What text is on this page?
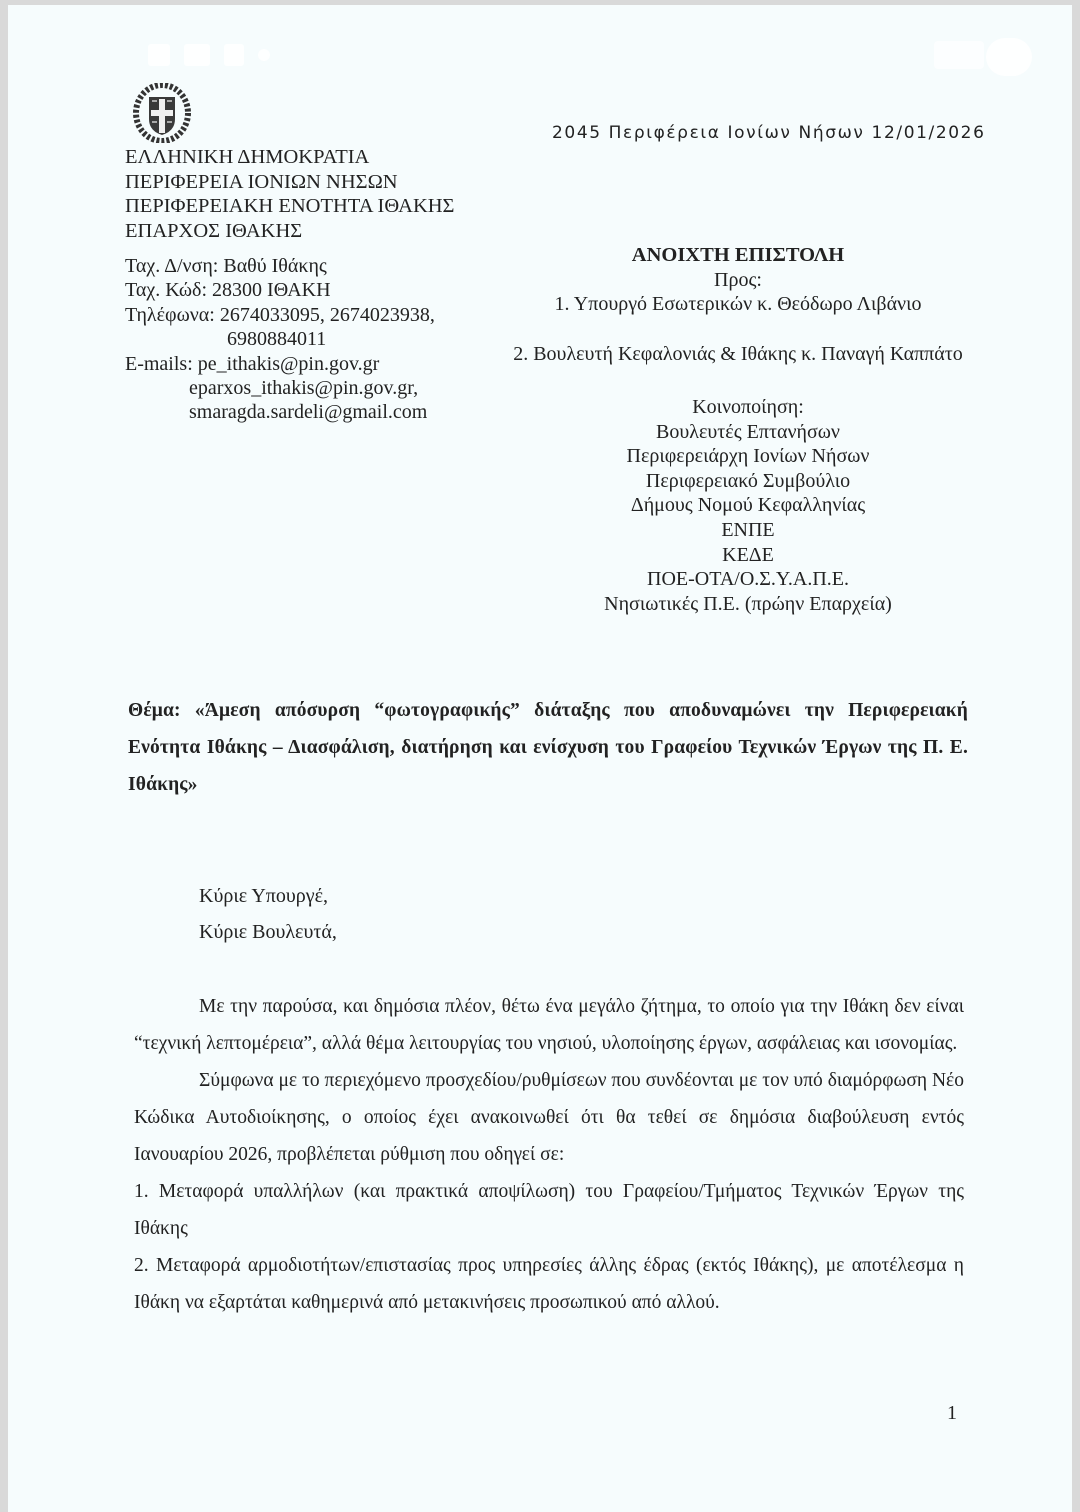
2045 Περιφέρεια Ιονίων Νήσων 12/01/2026
ΕΛΛΗΝΙΚΗ ΔΗΜΟΚΡΑΤΙΑ
ΠΕΡΙΦΕΡΕΙΑ ΙΟΝΙΩΝ ΝΗΣΩΝ
ΠΕΡΙΦΕΡΕΙΑΚΗ ΕΝΟΤΗΤΑ ΙΘΑΚΗΣ
ΕΠΑΡΧΟΣ ΙΘΑΚΗΣ
Ταχ. Δ/νση: Βαθύ Ιθάκης
Ταχ. Κώδ: 28300 ΙΘΑΚΗ
Τηλέφωνα: 2674033095, 2674023938,
6980884011
E-mails: pe_ithakis@pin.gov.gr
eparxos_ithakis@pin.gov.gr,
smaragda.sardeli@gmail.com
ΑΝΟΙΧΤΗ ΕΠΙΣΤΟΛΗ
Προς:
1. Υπουργό Εσωτερικών κ. Θεόδωρο Λιβάνιο
2. Βουλευτή Κεφαλονιάς & Ιθάκης κ. Παναγή Καππάτο
Κοινοποίηση:
Βουλευτές Επτανήσων
Περιφερειάρχη Ιονίων Νήσων
Περιφερειακό Συμβούλιο
Δήμους Νομού Κεφαλληνίας
ΕΝΠΕ
ΚΕΔΕ
ΠΟΕ-ΟΤΑ/Ο.Σ.Υ.Α.Π.Ε.
Νησιωτικές Π.Ε. (πρώην Επαρχεία)
Θέμα: «Άμεση απόσυρση “φωτογραφικής” διάταξης που αποδυναμώνει την Περιφερειακή Ενότητα Ιθάκης – Διασφάλιση, διατήρηση και ενίσχυση του Γραφείου Τεχνικών Έργων της Π. Ε. Ιθάκης»
Κύριε Υπουργέ,
Κύριε Βουλευτά,

Με την παρούσα, και δημόσια πλέον, θέτω ένα μεγάλο ζήτημα, το οποίο για την Ιθάκη δεν είναι “τεχνική λεπτομέρεια”, αλλά θέμα λειτουργίας του νησιού, υλοποίησης έργων, ασφάλειας και ισονομίας.

Σύμφωνα με το περιεχόμενο προσχεδίου/ρυθμίσεων που συνδέονται με τον υπό διαμόρφωση Νέο Κώδικα Αυτοδιοίκησης, ο οποίος έχει ανακοινωθεί ότι θα τεθεί σε δημόσια διαβούλευση εντός Ιανουαρίου 2026, προβλέπεται ρύθμιση που οδηγεί σε:

1. Μεταφορά υπαλλήλων (και πρακτικά αποψίλωση) του Γραφείου/Τμήματος Τεχνικών Έργων της Ιθάκης

2. Μεταφορά αρμοδιοτήτων/επιστασίας προς υπηρεσίες άλλης έδρας (εκτός Ιθάκης), με αποτέλεσμα η Ιθάκη να εξαρτάται καθημερινά από μετακινήσεις προσωπικού από αλλού.

1
